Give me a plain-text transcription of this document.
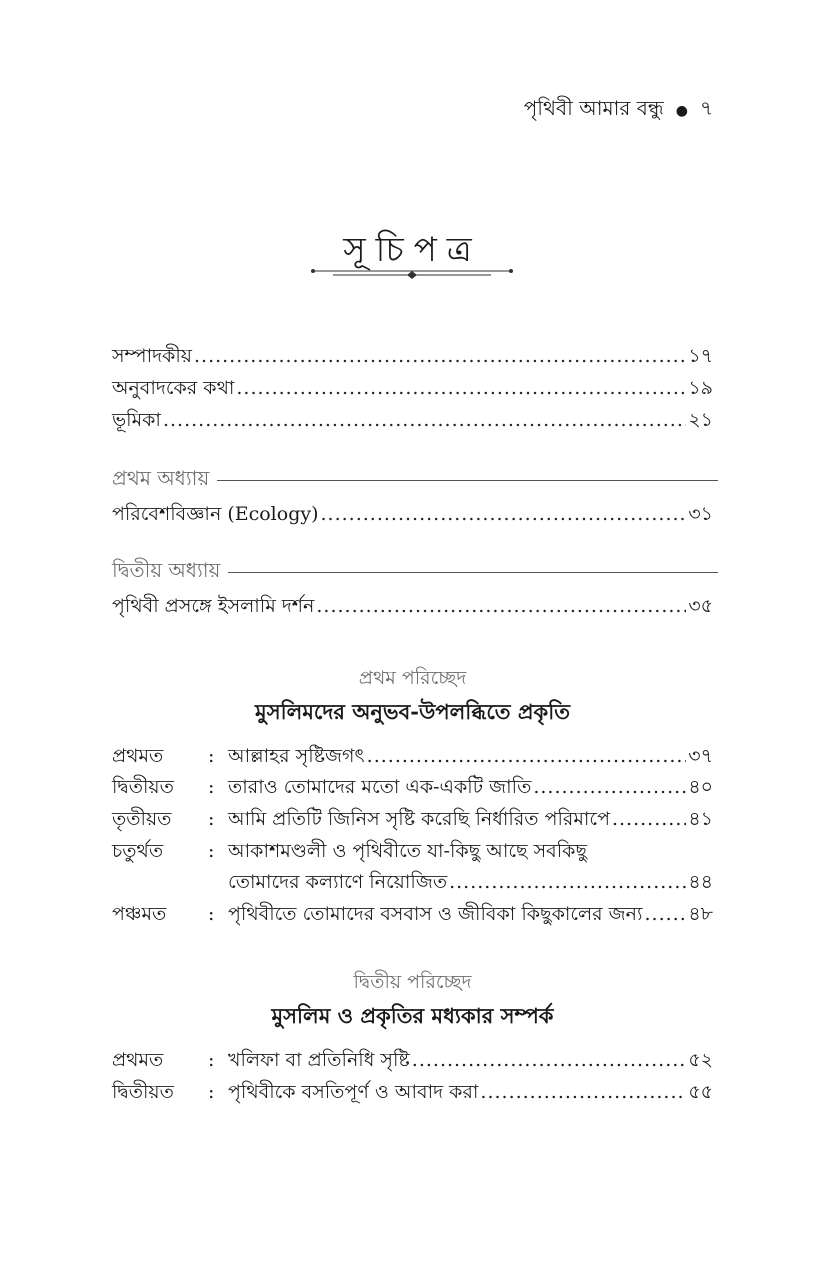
পৃথিবী আমার বন্ধু ● ৭
সূচিপত্র
সম্পাদকীয় .....	১৭
অনুবাদকের কথা .....	১৯
ভূমিকা .....	২১
প্রথম অধ্যায়
পরিবেশবিজ্ঞান (Ecology) .....	৩১
দ্বিতীয় অধ্যায়
পৃথিবী প্রসঙ্গে ইসলামি দর্শন .....	৩৫
প্রথম পরিচ্ছেদ
মুসলিমদের অনুভব-উপলব্ধিতে প্রকৃতি
প্রথমত	: আল্লাহর সৃষ্টিজগৎ .....	৩৭
দ্বিতীয়ত	: তারাও তোমাদের মতো এক-একটি জাতি .....	৪০
তৃতীয়ত	: আমি প্রতিটি জিনিস সৃষ্টি করেছি নির্ধারিত পরিমাপে .....	৪১
চতুর্থত	: আকাশমণ্ডলী ও পৃথিবীতে যা-কিছু আছে সবকিছু
তোমাদের কল্যাণে নিয়োজিত .....	৪৪
পঞ্চমত	: পৃথিবীতে তোমাদের বসবাস ও জীবিকা কিছুকালের জন্য ..... ৪৮
দ্বিতীয় পরিচ্ছেদ
মুসলিম ও প্রকৃতির মধ্যকার সম্পর্ক
প্রথমত	: খলিফা বা প্রতিনিধি সৃষ্টি .....	৫২
দ্বিতীয়ত	: পৃথিবীকে বসতিপূর্ণ ও আবাদ করা .....	৫৫
